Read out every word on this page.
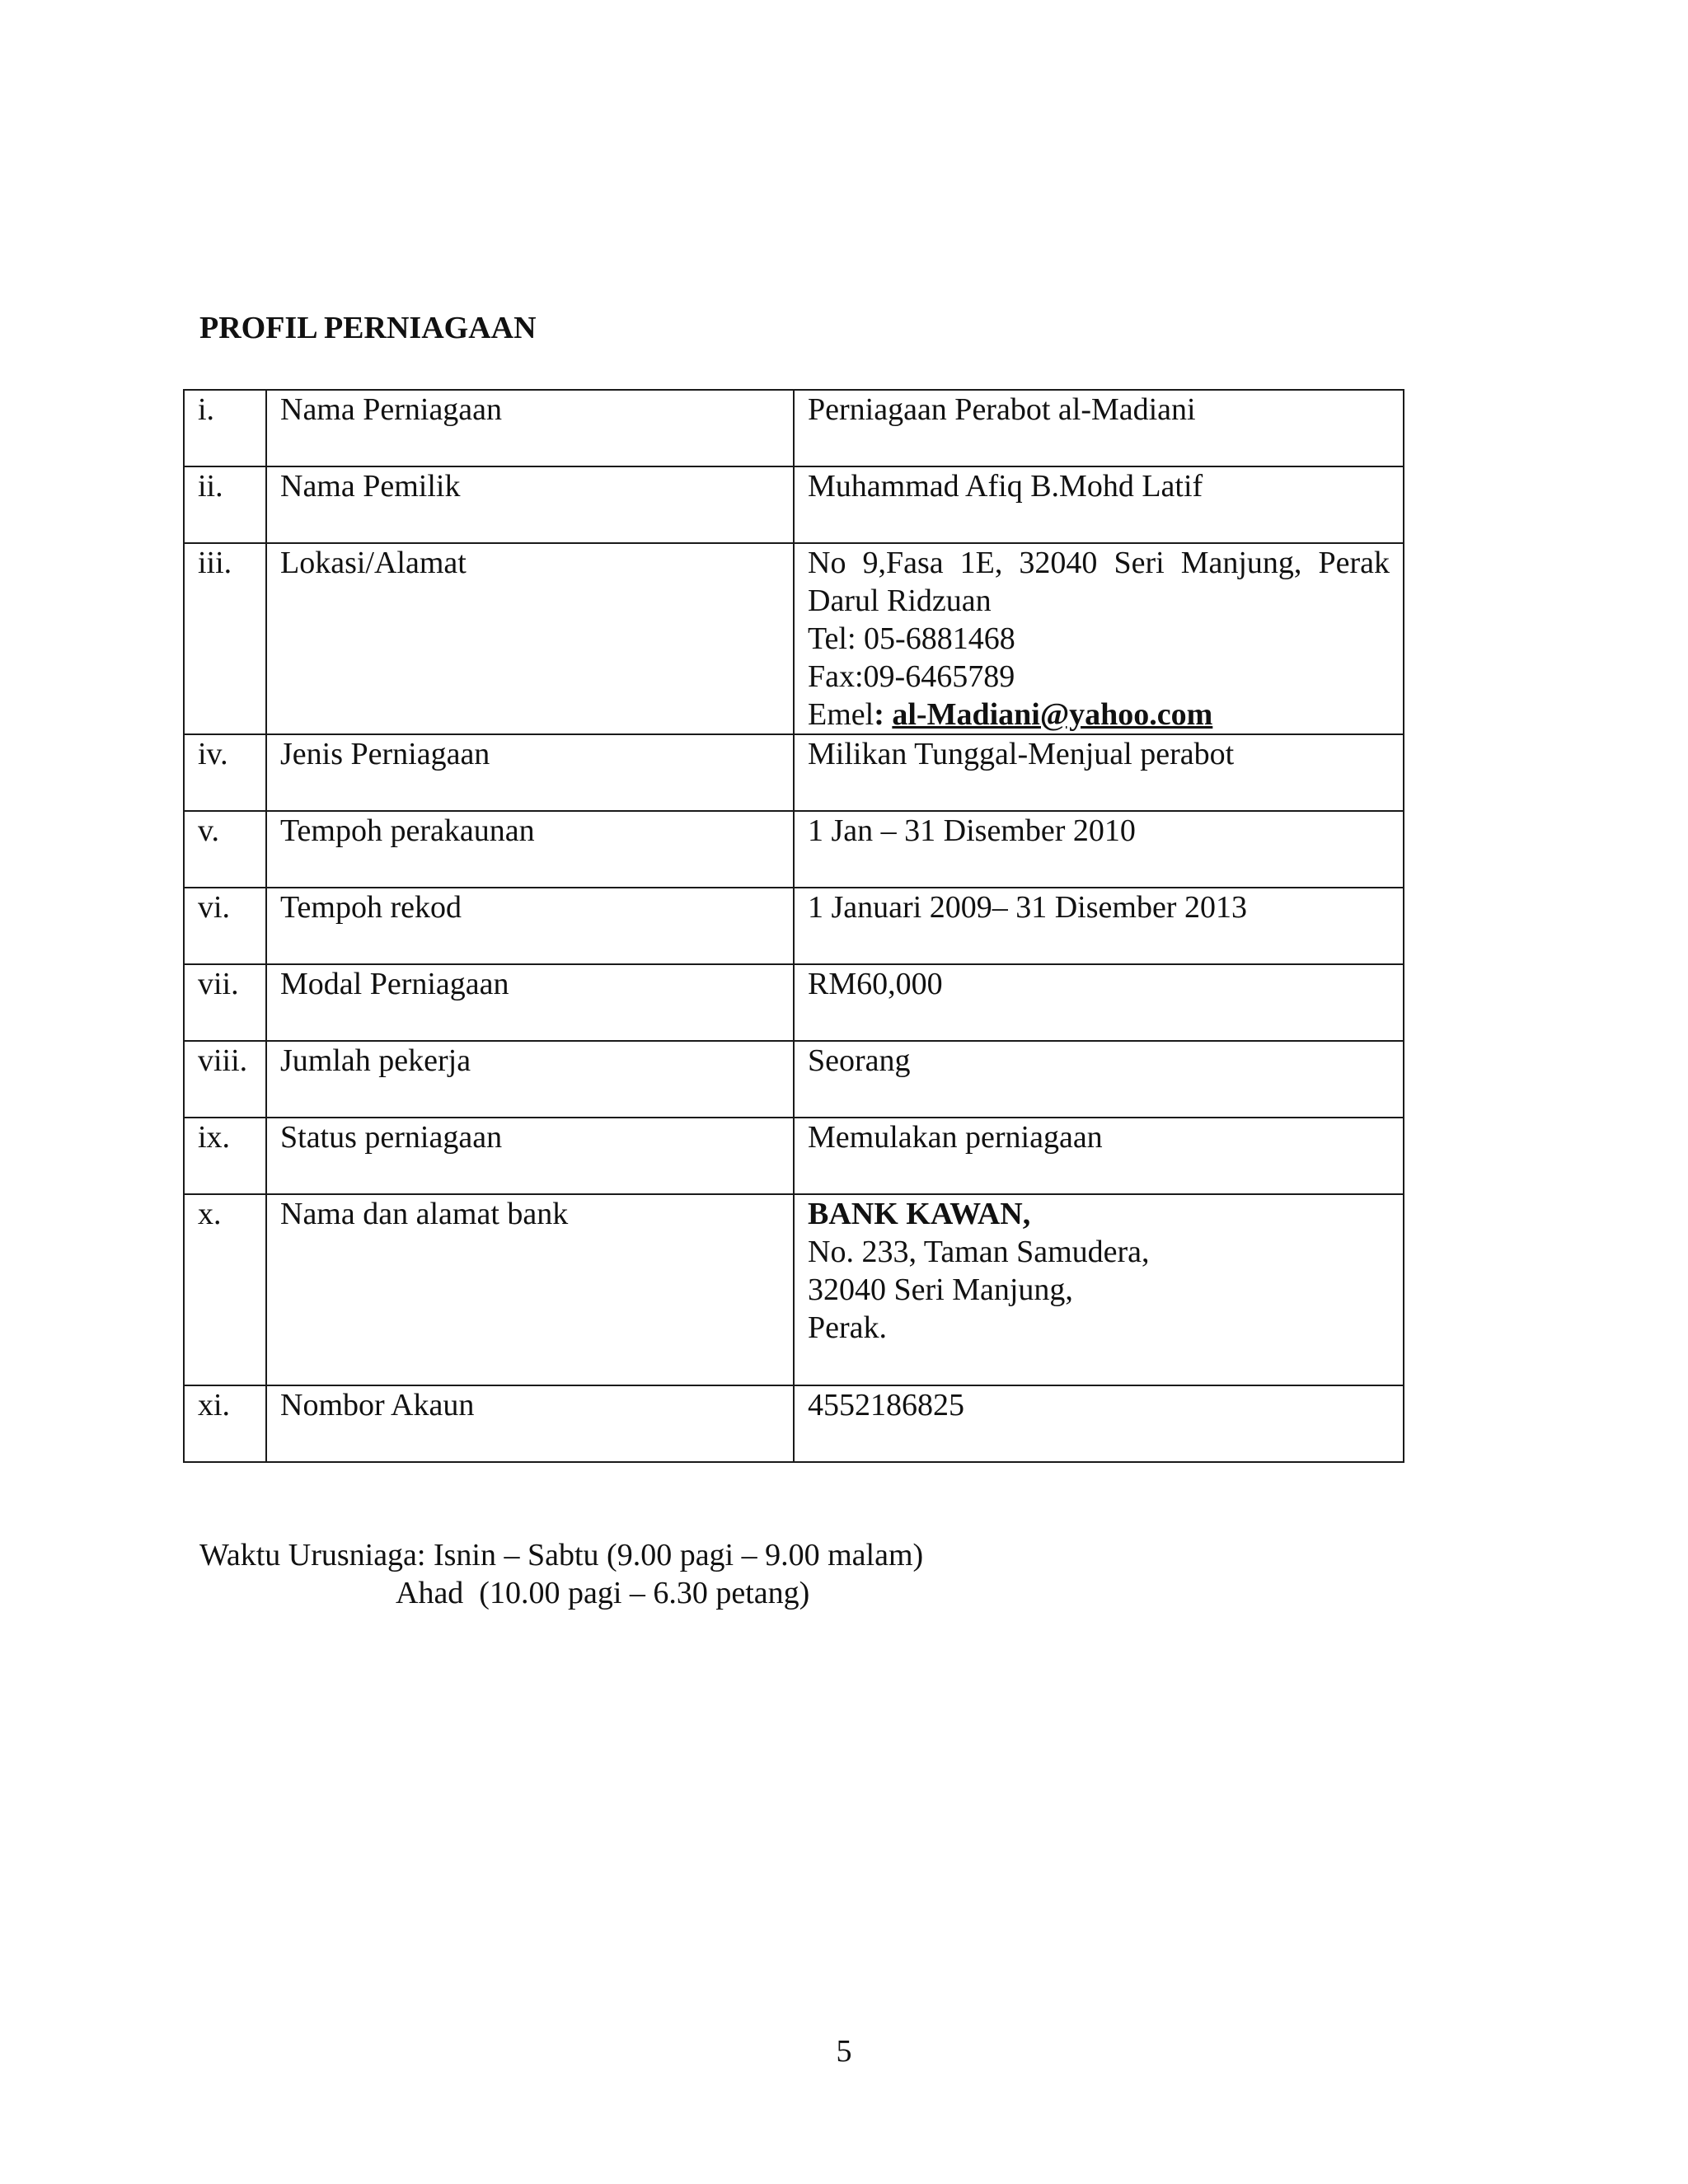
PROFIL PERNIAGAAN
i.	Nama Perniagaan	Perniagaan Perabot al-Madiani
ii.	Nama Pemilik	Muhammad Afiq B.Mohd Latif
iii.	Lokasi/Alamat	No 9,Fasa 1E, 32040 Seri Manjung, Perak
Darul Ridzuan
Tel: 05-6881468
Fax:09-6465789
Emel: al-Madiani@yahoo.com

iv.	Jenis Perniagaan	Milikan Tunggal-Menjual perabot
v.	Tempoh perakaunan	1 Jan – 31 Disember 2010
vi.	Tempoh rekod	1 Januari 2009– 31 Disember 2013
vii.	Modal Perniagaan	RM60,000
viii.	Jumlah pekerja	Seorang
ix.	Status perniagaan	Memulakan perniagaan
x.	Nama dan alamat bank	BANK KAWAN,
No. 233, Taman Samudera,
32040 Seri Manjung,
Perak.

xi.	Nombor Akaun	4552186825
Waktu Urusniaga: Isnin – Sabtu (9.00 pagi – 9.00 malam)
Ahad  (10.00 pagi – 6.30 petang)
5
